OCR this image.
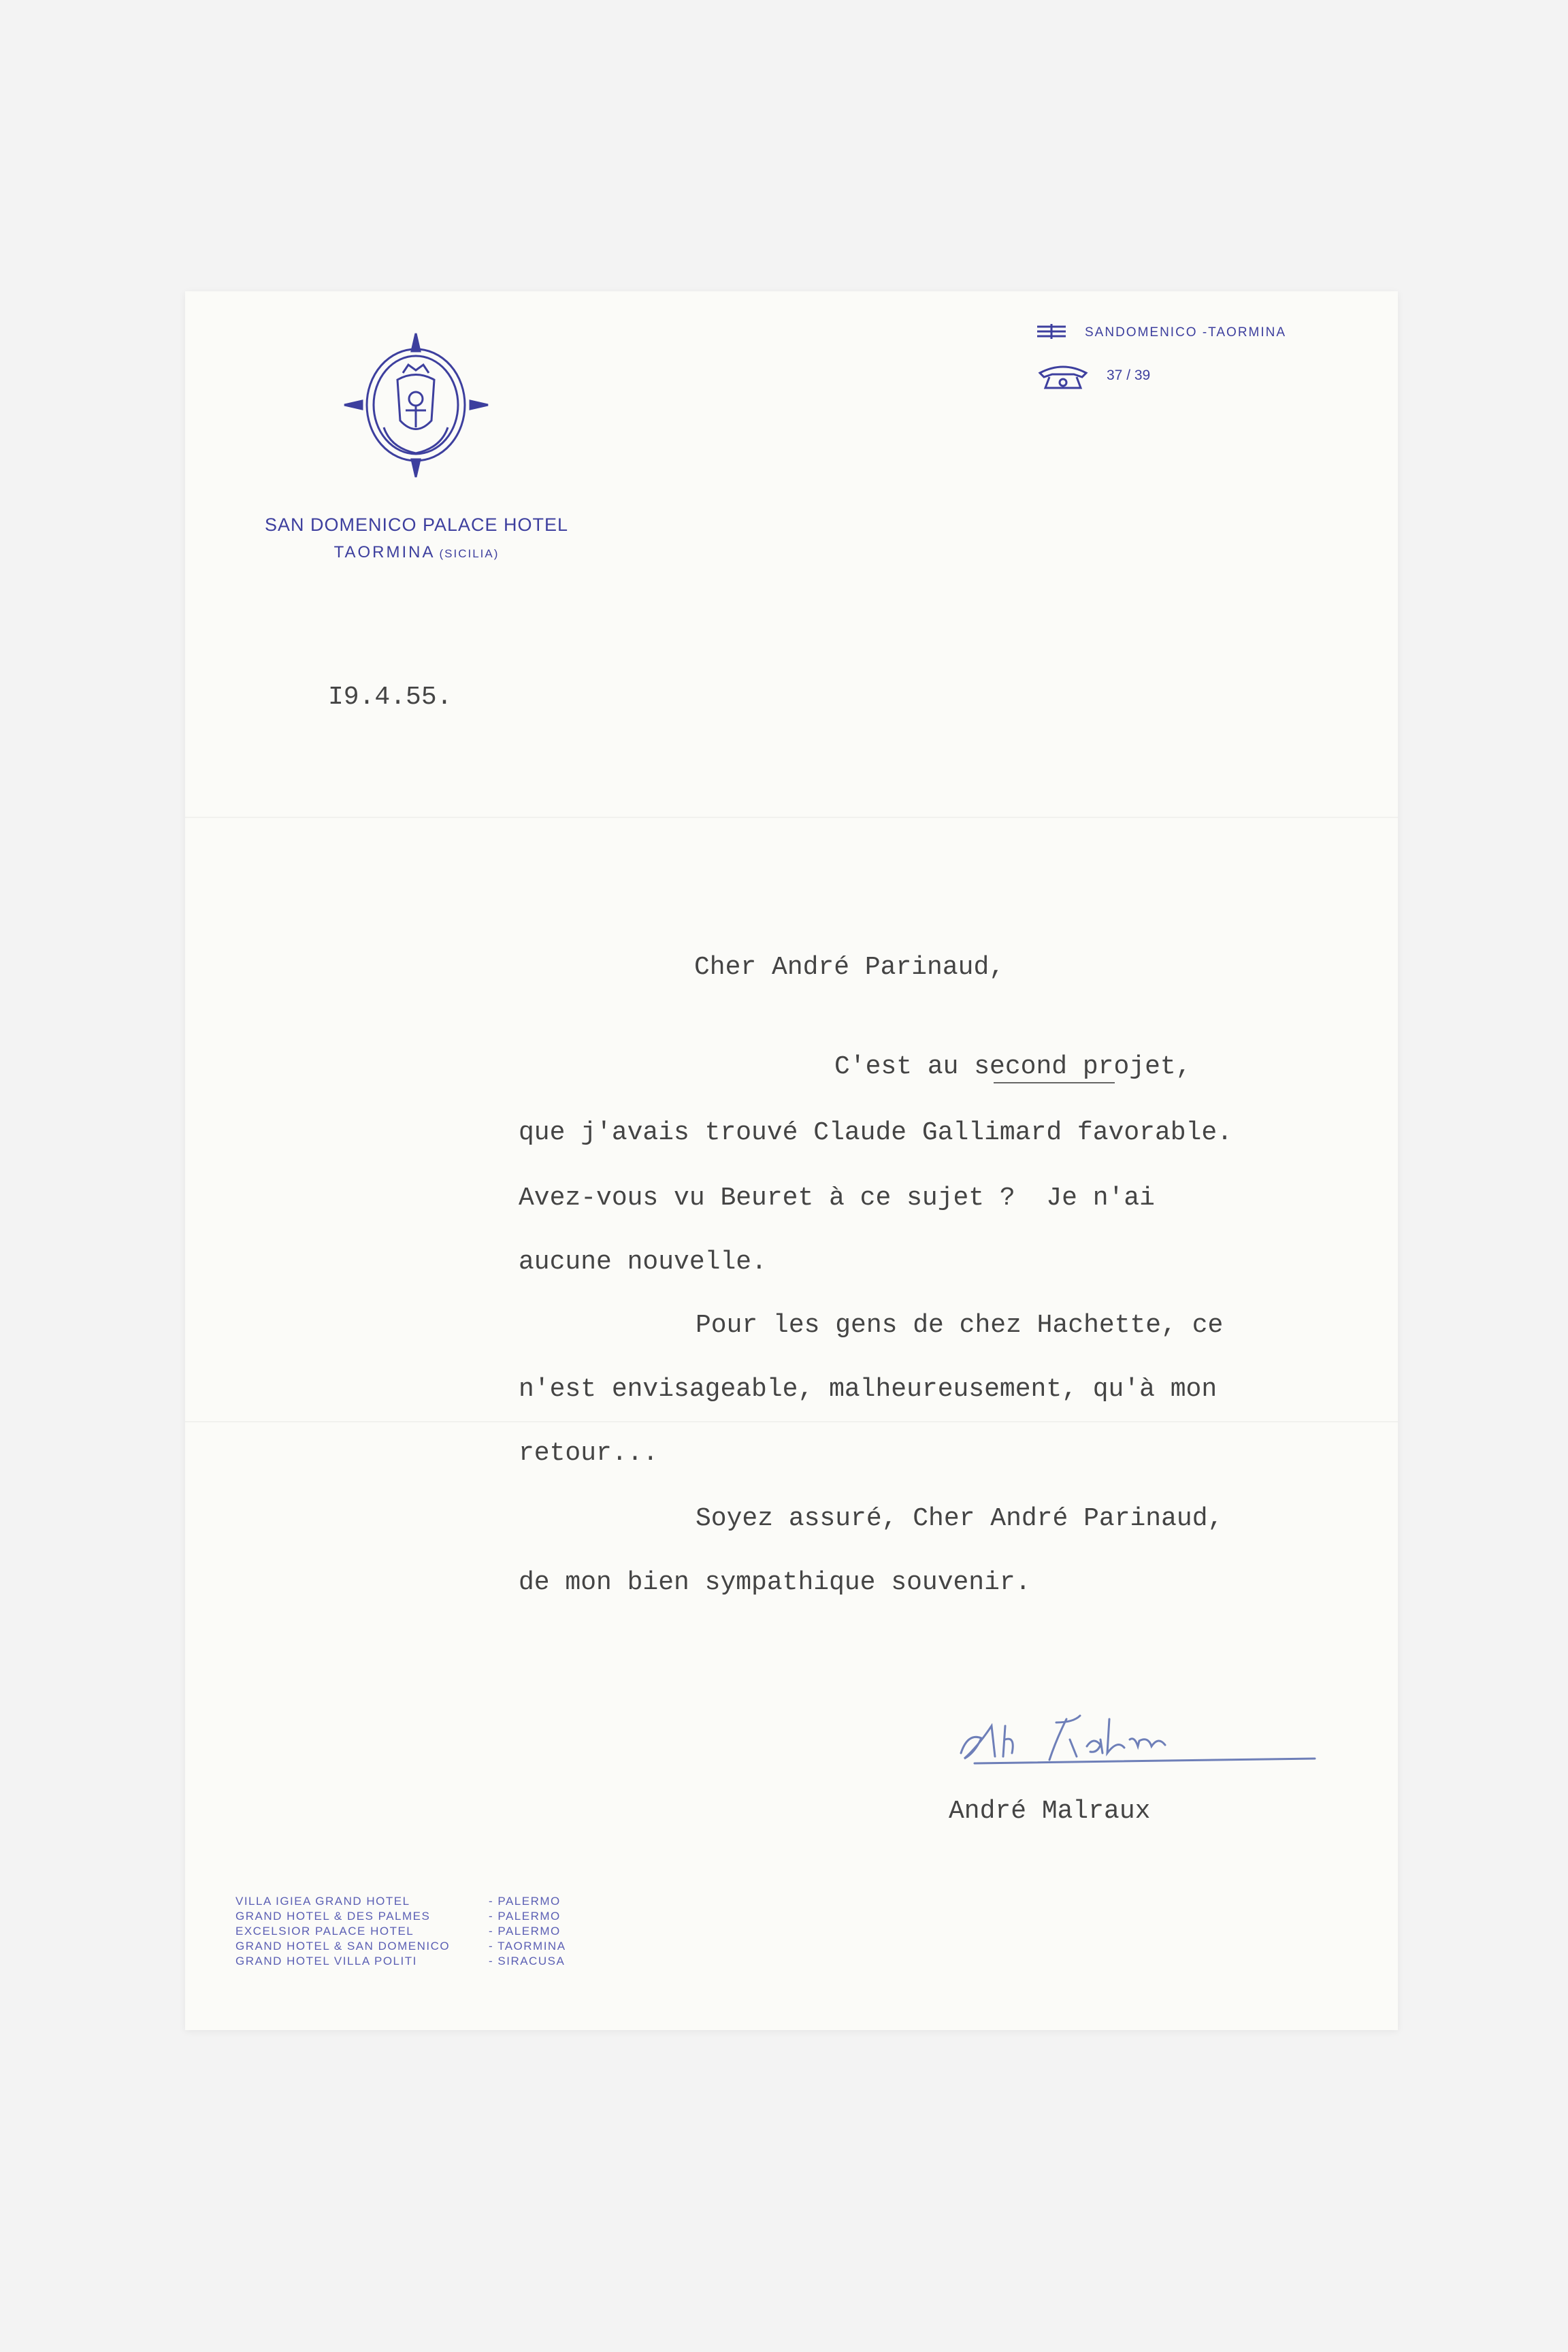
SAN DOMENICO PALACE HOTEL
TAORMINA (SICILIA)
SANDOMENICO -TAORMINA
37 / 39
I9.4.55.
Cher André Parinaud,
C'est au second projet,
que j'avais trouvé Claude Gallimard favorable.
Avez-vous vu Beuret à ce sujet ?  Je n'ai
aucune nouvelle.
Pour les gens de chez Hachette, ce
n'est envisageable, malheureusement, qu'à mon
retour...
Soyez assuré, Cher André Parinaud,
de mon bien sympathique souvenir.
André Malraux
VILLA IGIEA GRAND HOTEL	- PALERMO
GRAND HOTEL & DES PALMES	- PALERMO
EXCELSIOR PALACE HOTEL	- PALERMO
GRAND HOTEL & SAN DOMENICO	- TAORMINA
GRAND HOTEL VILLA POLITI	- SIRACUSA
